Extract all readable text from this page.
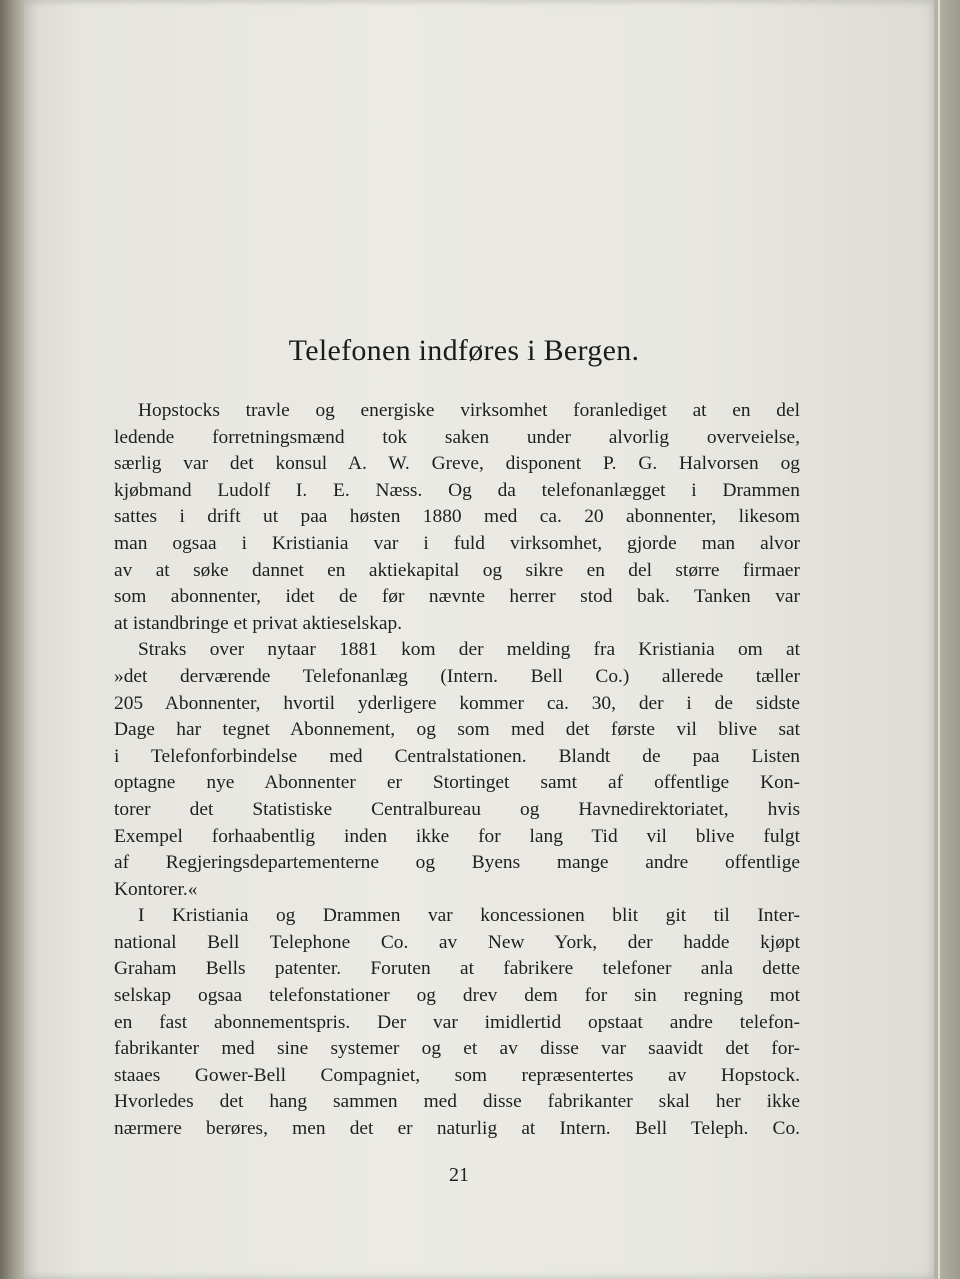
Telefonen indføres i Bergen.
Hopstocks travle og energiske virksomhet foranlediget at en del
ledende forretningsmænd tok saken under alvorlig overveielse,
særlig var det konsul A. W. Greve, disponent P. G. Halvorsen og
kjøbmand Ludolf I. E. Næss. Og da telefonanlægget i Drammen
sattes i drift ut paa høsten 1880 med ca. 20 abonnenter, likesom
man ogsaa i Kristiania var i fuld virksomhet, gjorde man alvor
av at søke dannet en aktiekapital og sikre en del større firmaer
som abonnenter, idet de før nævnte herrer stod bak. Tanken var
at istandbringe et privat aktieselskap.
Straks over nytaar 1881 kom der melding fra Kristiania om at
»det derværende Telefonanlæg (Intern. Bell Co.) allerede tæller
205 Abonnenter, hvortil yderligere kommer ca. 30, der i de sidste
Dage har tegnet Abonnement, og som med det første vil blive sat
i Telefonforbindelse med Centralstationen. Blandt de paa Listen
optagne nye Abonnenter er Stortinget samt af offentlige Kon-
torer det Statistiske Centralbureau og Havnedirektoriatet, hvis
Exempel forhaabentlig inden ikke for lang Tid vil blive fulgt
af Regjeringsdepartementerne og Byens mange andre offentlige
Kontorer.«
I Kristiania og Drammen var koncessionen blit git til Inter-
national Bell Telephone Co. av New York, der hadde kjøpt
Graham Bells patenter. Foruten at fabrikere telefoner anla dette
selskap ogsaa telefonstationer og drev dem for sin regning mot
en fast abonnementspris. Der var imidlertid opstaat andre telefon-
fabrikanter med sine systemer og et av disse var saavidt det for-
staaes Gower-Bell Compagniet, som repræsentertes av Hopstock.
Hvorledes det hang sammen med disse fabrikanter skal her ikke
nærmere berøres, men det er naturlig at Intern. Bell Teleph. Co.
21
